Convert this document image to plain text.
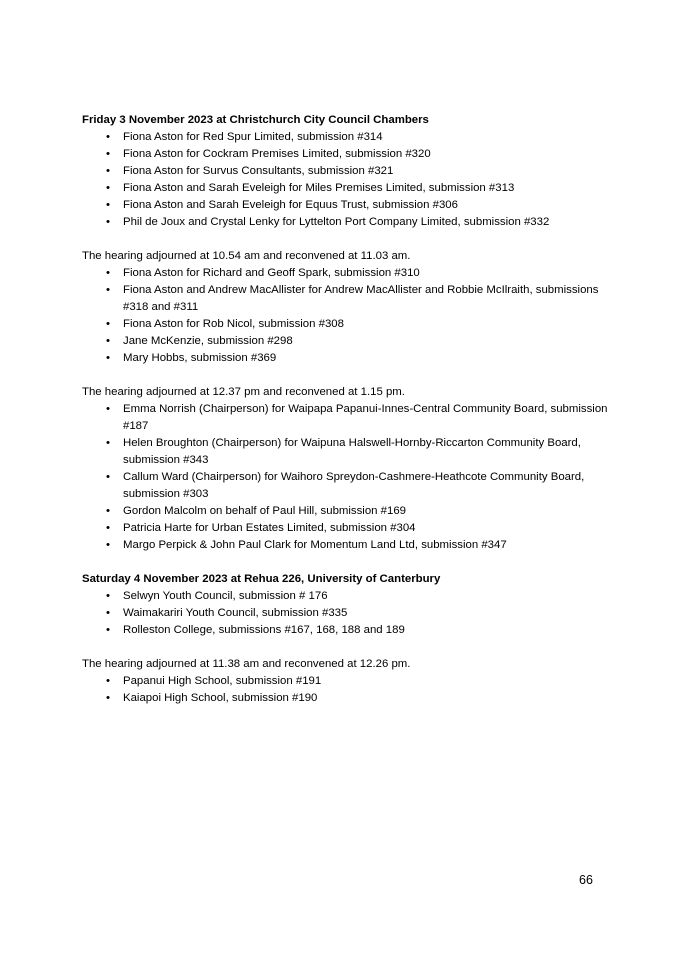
Friday 3 November 2023 at Christchurch City Council Chambers

• Fiona Aston for Red Spur Limited, submission #314
• Fiona Aston for Cockram Premises Limited, submission #320
• Fiona Aston for Survus Consultants, submission #321
• Fiona Aston and Sarah Eveleigh for Miles Premises Limited, submission #313
• Fiona Aston and Sarah Eveleigh for Equus Trust, submission #306
• Phil de Joux and Crystal Lenky for Lyttelton Port Company Limited, submission #332

The hearing adjourned at 10.54 am and reconvened at 11.03 am.

• Fiona Aston for Richard and Geoff Spark, submission #310
• Fiona Aston and Andrew MacAllister for Andrew MacAllister and Robbie McIlraith, submissions #318 and #311
• Fiona Aston for Rob Nicol, submission #308
• Jane McKenzie, submission #298
• Mary Hobbs, submission #369

The hearing adjourned at 12.37 pm and reconvened at 1.15 pm.

• Emma Norrish (Chairperson) for Waipapa Papanui-Innes-Central Community Board, submission #187
• Helen Broughton (Chairperson) for Waipuna Halswell-Hornby-Riccarton Community Board, submission #343
• Callum Ward (Chairperson) for Waihoro Spreydon-Cashmere-Heathcote Community Board, submission #303
• Gordon Malcolm on behalf of Paul Hill, submission #169
• Patricia Harte for Urban Estates Limited, submission #304
• Margo Perpick & John Paul Clark for Momentum Land Ltd, submission #347

Saturday 4 November 2023 at Rehua 226, University of Canterbury

• Selwyn Youth Council, submission # 176
• Waimakariri Youth Council, submission #335
• Rolleston College, submissions #167, 168, 188 and 189

The hearing adjourned at 11.38 am and reconvened at 12.26 pm.

• Papanui High School, submission #191
• Kaiapoi High School, submission #190
66
